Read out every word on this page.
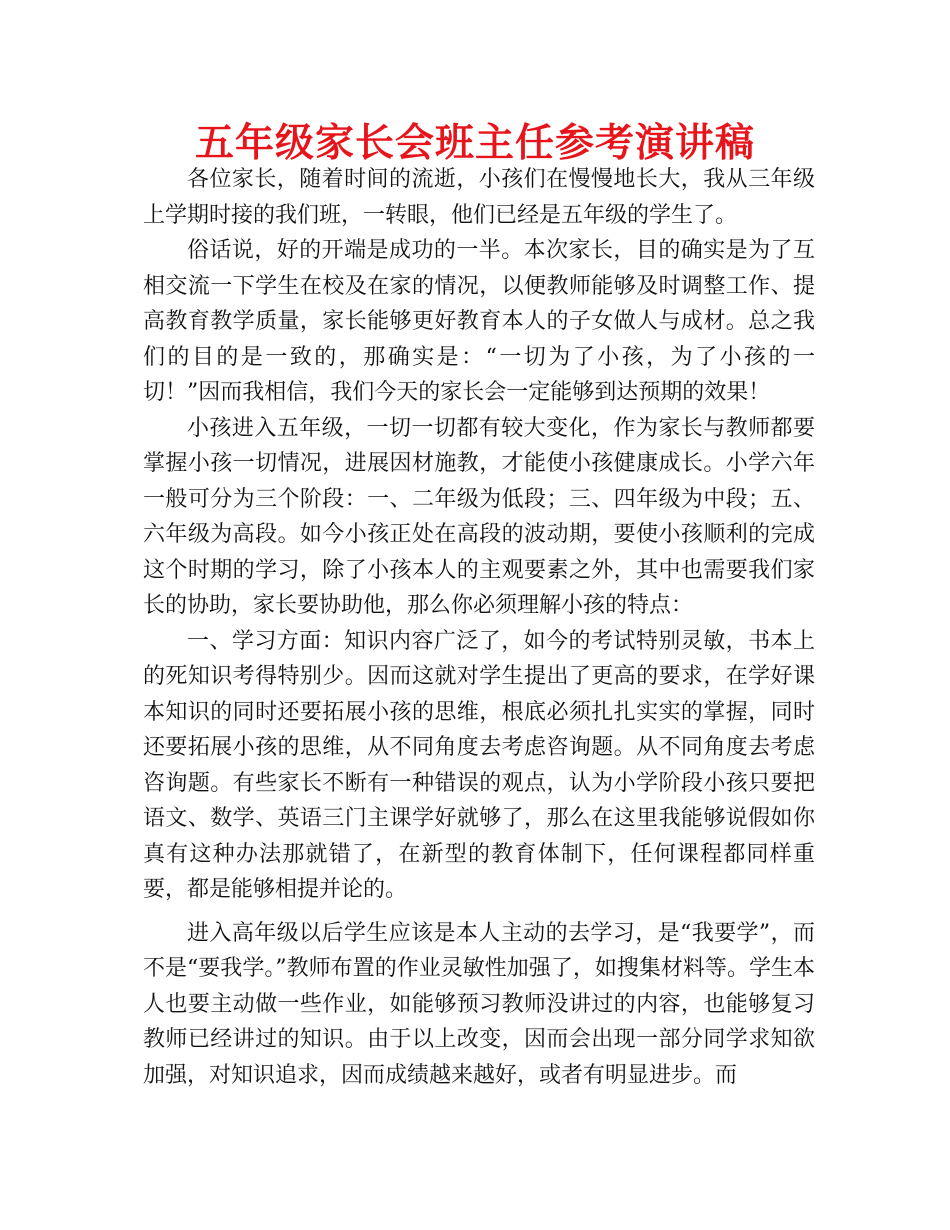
五年级家长会班主任参考演讲稿

各位家长，随着时间的流逝，小孩们在慢慢地长大，我从三年级上学期时接的我们班，一转眼，他们已经是五年级的学生了。

俗话说，好的开端是成功的一半。本次家长，目的确实是为了互相交流一下学生在校及在家的情况，以便教师能够及时调整工作、提高教育教学质量，家长能够更好教育本人的子女做人与成材。总之我们的目的是一致的，那确实是：“一切为了小孩，为了小孩的一切！”因而我相信，我们今天的家长会一定能够到达预期的效果！

小孩进入五年级，一切一切都有较大变化，作为家长与教师都要掌握小孩一切情况，进展因材施教，才能使小孩健康成长。小学六年一般可分为三个阶段：一、二年级为低段；三、四年级为中段；五、六年级为高段。如今小孩正处在高段的波动期，要使小孩顺利的完成这个时期的学习，除了小孩本人的主观要素之外，其中也需要我们家长的协助，家长要协助他，那么你必须理解小孩的特点：

一、学习方面：知识内容广泛了，如今的考试特别灵敏，书本上的死知识考得特别少。因而这就对学生提出了更高的要求，在学好课本知识的同时还要拓展小孩的思维，根底必须扎扎实实的掌握，同时还要拓展小孩的思维，从不同角度去考虑咨询题。从不同角度去考虑咨询题。有些家长不断有一种错误的观点，认为小学阶段小孩只要把语文、数学、英语三门主课学好就够了，那么在这里我能够说假如你真有这种办法那就错了，在新型的教育体制下，任何课程都同样重要，都是能够相提并论的。

进入高年级以后学生应该是本人主动的去学习，是“我要学”，而不是“要我学。”教师布置的作业灵敏性加强了，如搜集材料等。学生本人也要主动做一些作业，如能够预习教师没讲过的内容，也能够复习教师已经讲过的知识。由于以上改变，因而会出现一部分同学求知欲加强，对知识追求，因而成绩越来越好，或者有明显进步。而
